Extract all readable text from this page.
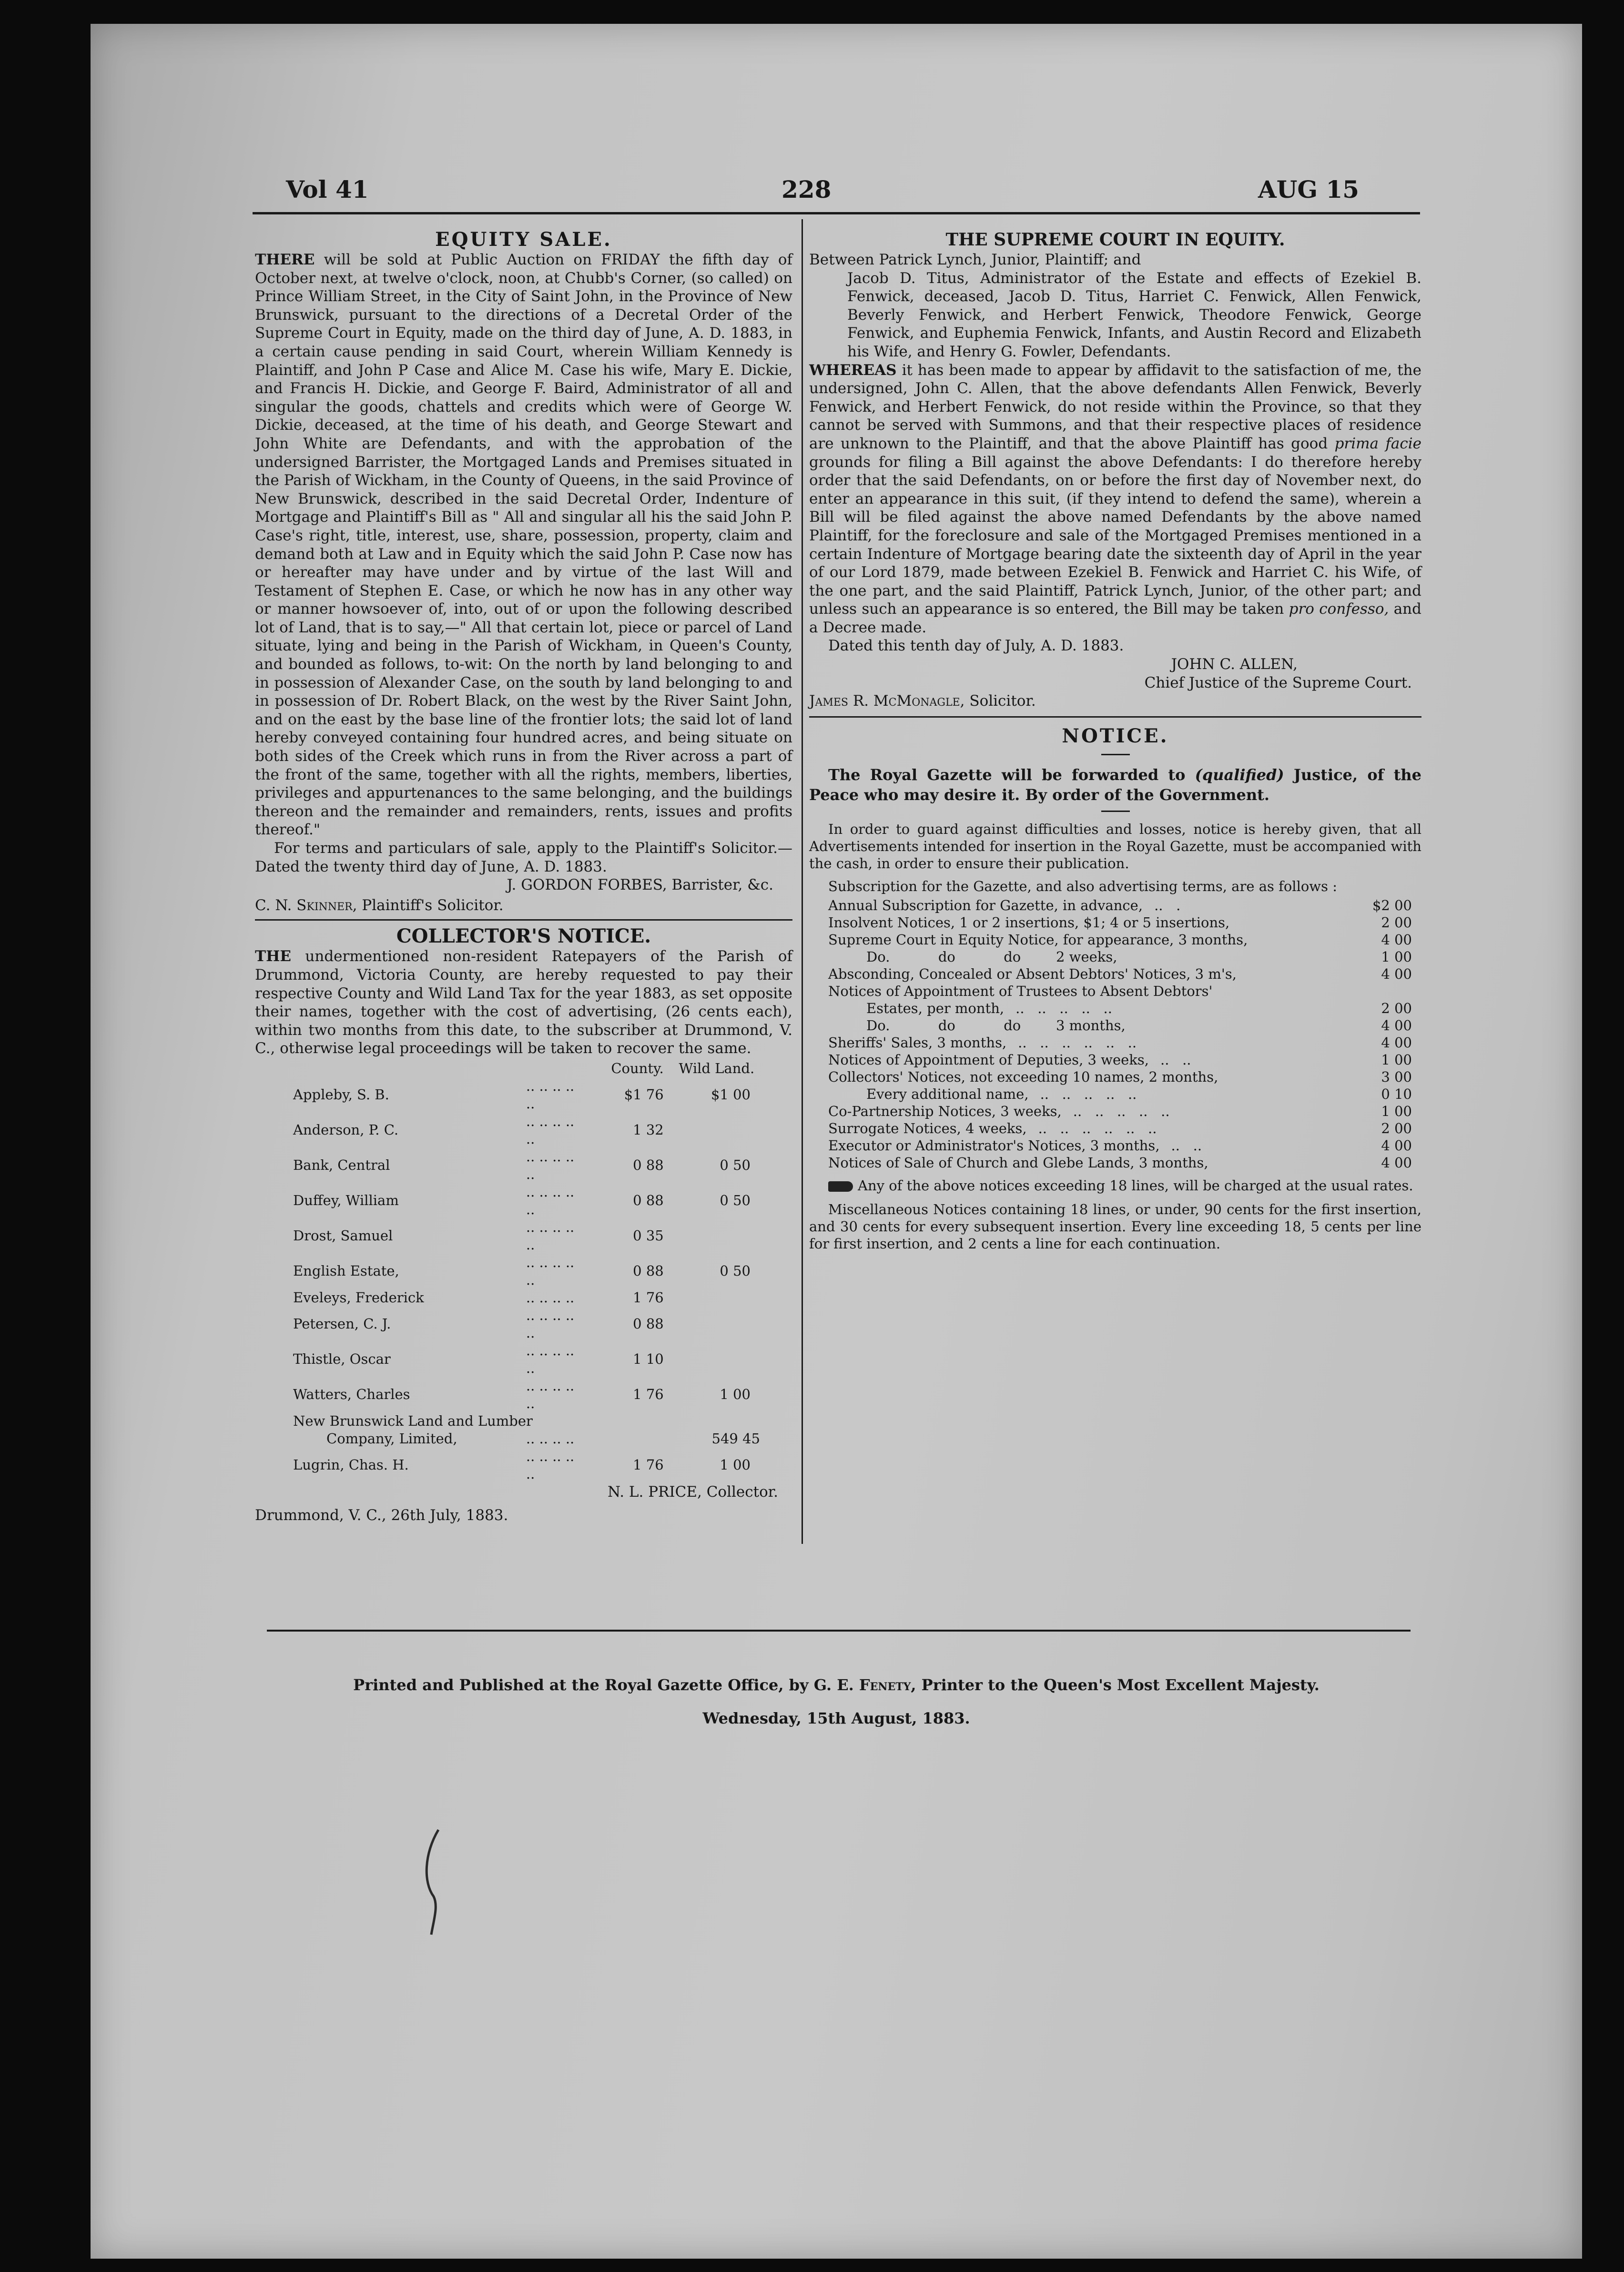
Vol 41	228	AUG 15

EQUITY SALE.

THERE will be sold at Public Auction on FRIDAY the fifth day of October next, at twelve o'clock, noon, at Chubb's Corner, (so called) on Prince William Street, in the City of Saint John, in the Province of New Brunswick, pursuant to the directions of a Decretal Order of the Supreme Court in Equity, made on the third day of June, A. D. 1883, in a certain cause pending in said Court, wherein William Kennedy is Plaintiff, and John P Case and Alice M. Case his wife, Mary E. Dickie, and Francis H. Dickie, and George F. Baird, Administrator of all and singular the goods, chattels and credits which were of George W. Dickie, deceased, at the time of his death, and George Stewart and John White are Defendants, and with the approbation of the undersigned Barrister, the Mortgaged Lands and Premises situated in the Parish of Wickham, in the County of Queens, in the said Province of New Brunswick, described in the said Decretal Order, Indenture of Mortgage and Plaintiff's Bill as " All and singular all his the said John P. Case's right, title, interest, use, share, possession, property, claim and demand both at Law and in Equity which the said John P. Case now has or hereafter may have under and by virtue of the last Will and Testament of Stephen E. Case, or which he now has in any other way or manner howsoever of, into, out of or upon the following described lot of Land, that is to say,—" All that certain lot, piece or parcel of Land situate, lying and being in the Parish of Wickham, in Queen's County, and bounded as follows, to-wit: On the north by land belonging to and in possession of Alexander Case, on the south by land belonging to and in possession of Dr. Robert Black, on the west by the River Saint John, and on the east by the base line of the frontier lots; the said lot of land hereby conveyed containing four hundred acres, and being situate on both sides of the Creek which runs in from the River across a part of the front of the same, together with all the rights, members, liberties, privileges and appurtenances to the same belonging, and the buildings thereon and the remainder and remainders, rents, issues and profits thereof."

For terms and particulars of sale, apply to the Plaintiff's Solicitor.—Dated the twenty third day of June, A. D. 1883.

J. GORDON FORBES, Barrister, &c.

C. N. Skinner, Plaintiff's Solicitor.

COLLECTOR'S NOTICE.

THE undermentioned non-resident Ratepayers of the Parish of Drummond, Victoria County, are hereby requested to pay their respective County and Wild Land Tax for the year 1883, as set opposite their names, together with the cost of advertising, (26 cents each), within two months from this date, to the subscriber at Drummond, V. C., otherwise legal proceedings will be taken to recover the same.

		County.	Wild Land.
Appleby, S. B.	.. .. .. .. ..	$1 76	$1 00
Anderson, P. C.	.. .. .. .. ..	1 32	
Bank, Central	.. .. .. .. ..	0 88	0 50
Duffey, William	.. .. .. .. ..	0 88	0 50
Drost, Samuel	.. .. .. .. ..	0 35	
English Estate,	.. .. .. .. ..	0 88	0 50
Eveleys, Frederick	.. .. .. ..	1 76	
Petersen, C. J.	.. .. .. .. ..	0 88	
Thistle, Oscar	.. .. .. .. ..	1 10	
Watters, Charles	.. .. .. .. ..	1 76	1 00
New Brunswick Land and Lumber			
Company, Limited,	.. .. .. ..		549 45
Lugrin, Chas. H.	.. .. .. .. ..	1 76	1 00

N. L. PRICE, Collector.

Drummond, V. C., 26th July, 1883.

THE SUPREME COURT IN EQUITY.

Between Patrick Lynch, Junior, Plaintiff; and

Jacob D. Titus, Administrator of the Estate and effects of Ezekiel B. Fenwick, deceased, Jacob D. Titus, Harriet C. Fenwick, Allen Fenwick, Beverly Fenwick, and Herbert Fenwick, Theodore Fenwick, George Fenwick, and Euphemia Fenwick, Infants, and Austin Record and Elizabeth his Wife, and Henry G. Fowler, Defendants.

WHEREAS it has been made to appear by affidavit to the satisfaction of me, the undersigned, John C. Allen, that the above defendants Allen Fenwick, Beverly Fenwick, and Herbert Fenwick, do not reside within the Province, so that they cannot be served with Summons, and that their respective places of residence are unknown to the Plaintiff, and that the above Plaintiff has good prima facie grounds for filing a Bill against the above Defendants: I do therefore hereby order that the said Defendants, on or before the first day of November next, do enter an appearance in this suit, (if they intend to defend the same), wherein a Bill will be filed against the above named Defendants by the above named Plaintiff, for the foreclosure and sale of the Mortgaged Premises mentioned in a certain Indenture of Mortgage bearing date the sixteenth day of April in the year of our Lord 1879, made between Ezekiel B. Fenwick and Harriet C. his Wife, of the one part, and the said Plaintiff, Patrick Lynch, Junior, of the other part; and unless such an appearance is so entered, the Bill may be taken pro confesso, and a Decree made.

Dated this tenth day of July, A. D. 1883.

JOHN C. ALLEN,

Chief Justice of the Supreme Court.

James R. McMonagle, Solicitor.

NOTICE.

The Royal Gazette will be forwarded to (qualified) Justice, of the Peace who may desire it. By order of the Government.

In order to guard against difficulties and losses, notice is hereby given, that all Advertisements intended for insertion in the Royal Gazette, must be accompanied with the cash, in order to ensure their publication.

Subscription for the Gazette, and also advertising terms, are as follows :

Annual Subscription for Gazette, in advance, ..   .	$2 00
Insolvent Notices, 1 or 2 insertions, $1; 4 or 5 insertions,	2 00
Supreme Court in Equity Notice, for appearance, 3 months,	4 00
Do.           do           do        2 weeks,	1 00
Absconding, Concealed or Absent Debtors' Notices, 3 m's,	4 00
Notices of Appointment of Trustees to Absent Debtors'	
Estates, per month, ..   ..   ..   ..   ..	2 00
Do.           do           do        3 months,	4 00
Sheriffs' Sales, 3 months, ..   ..   ..   ..   ..   ..	4 00
Notices of Appointment of Deputies, 3 weeks, ..   ..	1 00
Collectors' Notices, not exceeding 10 names, 2 months,	3 00
Every additional name, ..   ..   ..   ..   ..	0 10
Co-Partnership Notices, 3 weeks, ..   ..   ..   ..   ..	1 00
Surrogate Notices, 4 weeks, ..   ..   ..   ..   ..   ..	2 00
Executor or Administrator's Notices, 3 months, ..   ..	4 00
Notices of Sale of Church and Glebe Lands, 3 months,	4 00

Any of the above notices exceeding 18 lines, will be charged at the usual rates.

Miscellaneous Notices containing 18 lines, or under, 90 cents for the first insertion, and 30 cents for every subsequent insertion. Every line exceeding 18, 5 cents per line for first insertion, and 2 cents a line for each continuation.

Printed and Published at the Royal Gazette Office, by G. E. Fenety, Printer to the Queen's Most Excellent Majesty.
Wednesday, 15th August, 1883.
